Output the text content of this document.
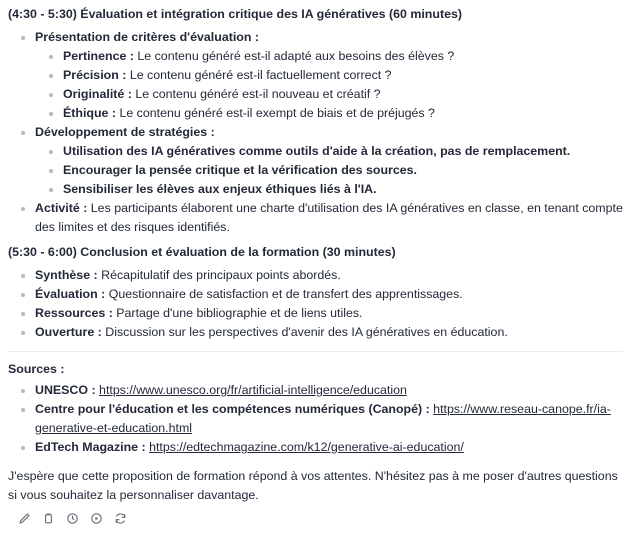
(4:30 - 5:30) Évaluation et intégration critique des IA génératives (60 minutes)
Présentation de critères d'évaluation :
Pertinence : Le contenu généré est-il adapté aux besoins des élèves ?
Précision : Le contenu généré est-il factuellement correct ?
Originalité : Le contenu généré est-il nouveau et créatif ?
Éthique : Le contenu généré est-il exempt de biais et de préjugés ?
Développement de stratégies :
Utilisation des IA génératives comme outils d'aide à la création, pas de remplacement.
Encourager la pensée critique et la vérification des sources.
Sensibiliser les élèves aux enjeux éthiques liés à l'IA.
Activité : Les participants élaborent une charte d'utilisation des IA génératives en classe, en tenant compte des limites et des risques identifiés.
(5:30 - 6:00) Conclusion et évaluation de la formation (30 minutes)
Synthèse : Récapitulatif des principaux points abordés.
Évaluation : Questionnaire de satisfaction et de transfert des apprentissages.
Ressources : Partage d'une bibliographie et de liens utiles.
Ouverture : Discussion sur les perspectives d'avenir des IA génératives en éducation.
Sources :
UNESCO : https://www.unesco.org/fr/artificial-intelligence/education
Centre pour l'éducation et les compétences numériques (Canopé) : https://www.reseau-canope.fr/ia-generative-et-education.html
EdTech Magazine : https://edtechmagazine.com/k12/generative-ai-education/

J'espère que cette proposition de formation répond à vos attentes. N'hésitez pas à me poser d'autres questions si vous souhaitez la personnaliser davantage.
